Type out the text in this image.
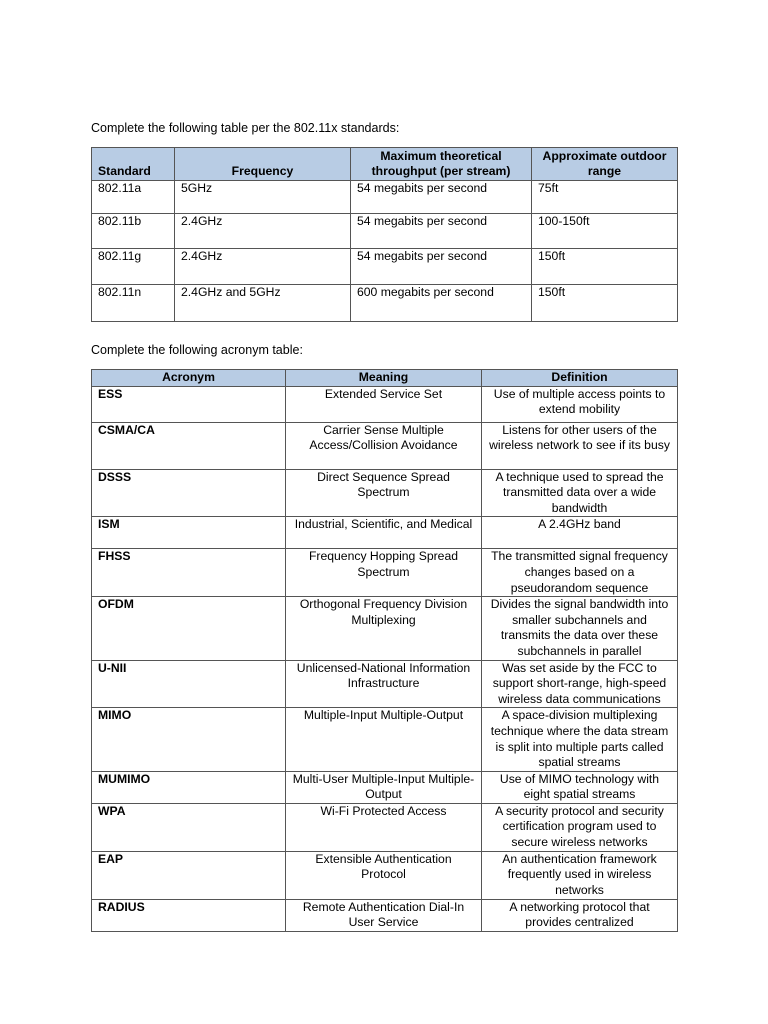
Complete the following table per the 802.11x standards:
Standard	Frequency	Maximum theoretical throughput (per stream)	Approximate outdoor range
802.11a	5GHz	54 megabits per second	75ft
802.11b	2.4GHz	54 megabits per second	100-150ft
802.11g	2.4GHz	54 megabits per second	150ft
802.11n	2.4GHz and 5GHz	600 megabits per second	150ft
Complete the following acronym table:
Acronym	Meaning	Definition
ESS	Extended Service Set	Use of multiple access points to extend mobility
CSMA/CA	Carrier Sense Multiple Access/Collision Avoidance	Listens for other users of the wireless network to see if its busy
DSSS	Direct Sequence Spread Spectrum	A technique used to spread the transmitted data over a wide bandwidth
ISM	Industrial, Scientific, and Medical	A 2.4GHz band
FHSS	Frequency Hopping Spread Spectrum	The transmitted signal frequency changes based on a pseudorandom sequence
OFDM	Orthogonal Frequency Division Multiplexing	Divides the signal bandwidth into smaller subchannels and transmits the data over these subchannels in parallel
U-NII	Unlicensed-National Information Infrastructure	Was set aside by the FCC to support short-range, high-speed wireless data communications
MIMO	Multiple-Input Multiple-Output	A space-division multiplexing technique where the data stream is split into multiple parts called spatial streams
MUMIMO	Multi-User Multiple-Input Multiple-Output	Use of MIMO technology with eight spatial streams
WPA	Wi-Fi Protected Access	A security protocol and security certification program used to secure wireless networks
EAP	Extensible Authentication Protocol	An authentication framework frequently used in wireless networks
RADIUS	Remote Authentication Dial-In User Service	A networking protocol that provides centralized
